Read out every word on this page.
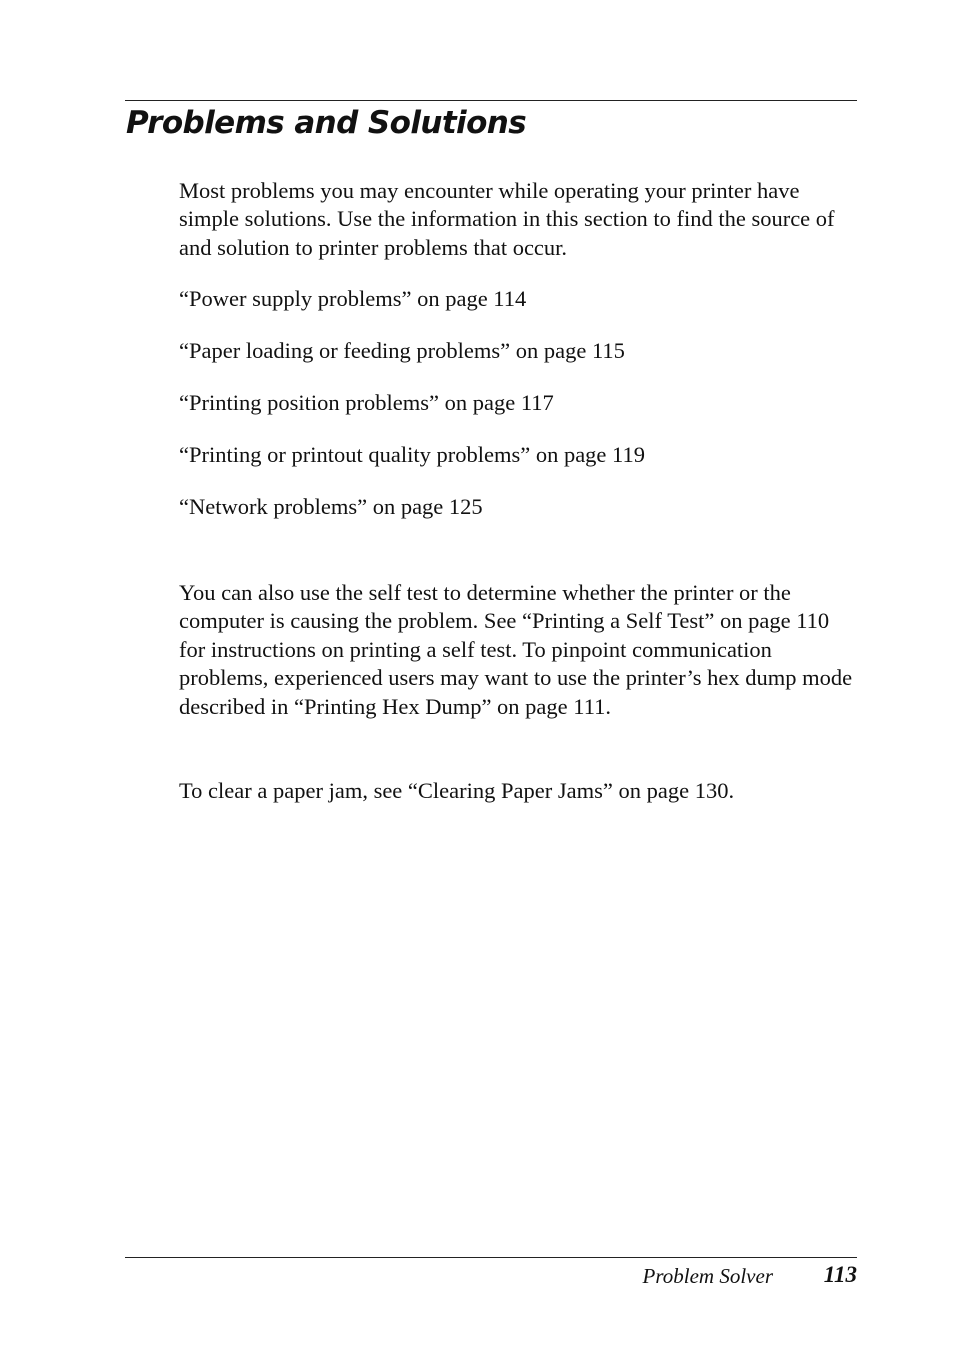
Problems and Solutions

Most problems you may encounter while operating your printer have simple solutions. Use the information in this section to find the source of and solution to printer problems that occur.

“Power supply problems” on page 114

“Paper loading or feeding problems” on page 115

“Printing position problems” on page 117

“Printing or printout quality problems” on page 119

“Network problems” on page 125

You can also use the self test to determine whether the printer or the computer is causing the problem. See “Printing a Self Test” on page 110 for instructions on printing a self test. To pinpoint communication problems, experienced users may want to use the printer’s hex dump mode described in “Printing Hex Dump” on page 111.

To clear a paper jam, see “Clearing Paper Jams” on page 130.

Problem Solver 113
